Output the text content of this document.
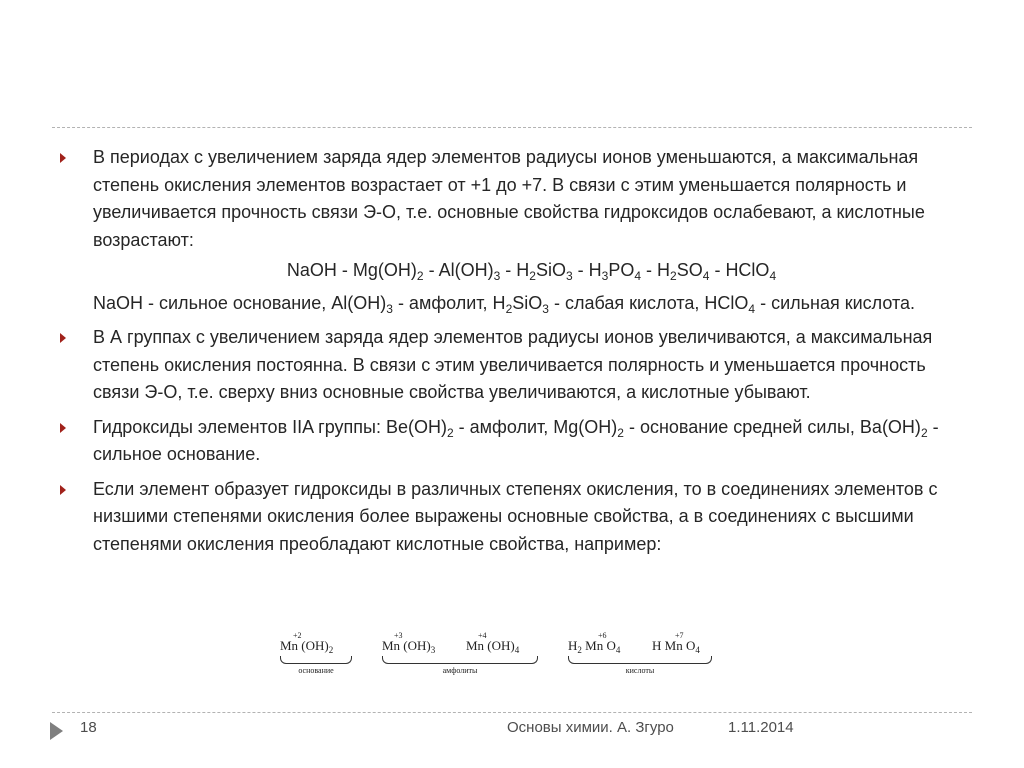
В периодах с увеличением заряда ядер элементов радиусы ионов уменьшаются, а максимальная степень окисления элементов возрастает от +1 до +7. В связи с этим уменьшается полярность и увеличивается прочность связи Э-О, т.е. основные свойства гидроксидов ослабевают, а кислотные возрастают:

NaOH - $Mg(OH)_2 - Al(OH)_3 - H_2SiO_3 - H_3PO_4 - H_2SO_4$ - HClO$_4$

NaOH - сильное основание, $Al(OH)_3$ - амфолит, $H_2SiO_3$ - слабая кислота, HClO$_4$ - сильная кислота.

В А группах с увеличением заряда ядер элементов радиусы ионов увеличиваются, а максимальная степень окисления постоянна. В связи с этим увеличивается полярность и уменьшается прочность связи Э-О, т.е. сверху вниз основные свойства увеличиваются, а кислотные убывают.

Гидроксиды элементов IIA группы: $Be(OH)_2$ - амфолит, $Mg(OH)_2$ - основание средней силы, $Ba(OH)_2$ - сильное основание.

Если элемент образует гидроксиды в различных степенях окисления, то в соединениях элементов с низшими степенями окисления более выражены основные свойства, а в соединениях с высшими степенями окисления преобладают кислотные свойства, например:

+2
Mn $(OH)_2$
+3
Mn $(OH)_3$
+4
Mn $(OH)_4$
+6
$H_2$ Mn $O_4$
+7
H Mn $O_4$
основание	амфолиты	кислоты
18	Основы химии. А. Згуро	1.11.2014
